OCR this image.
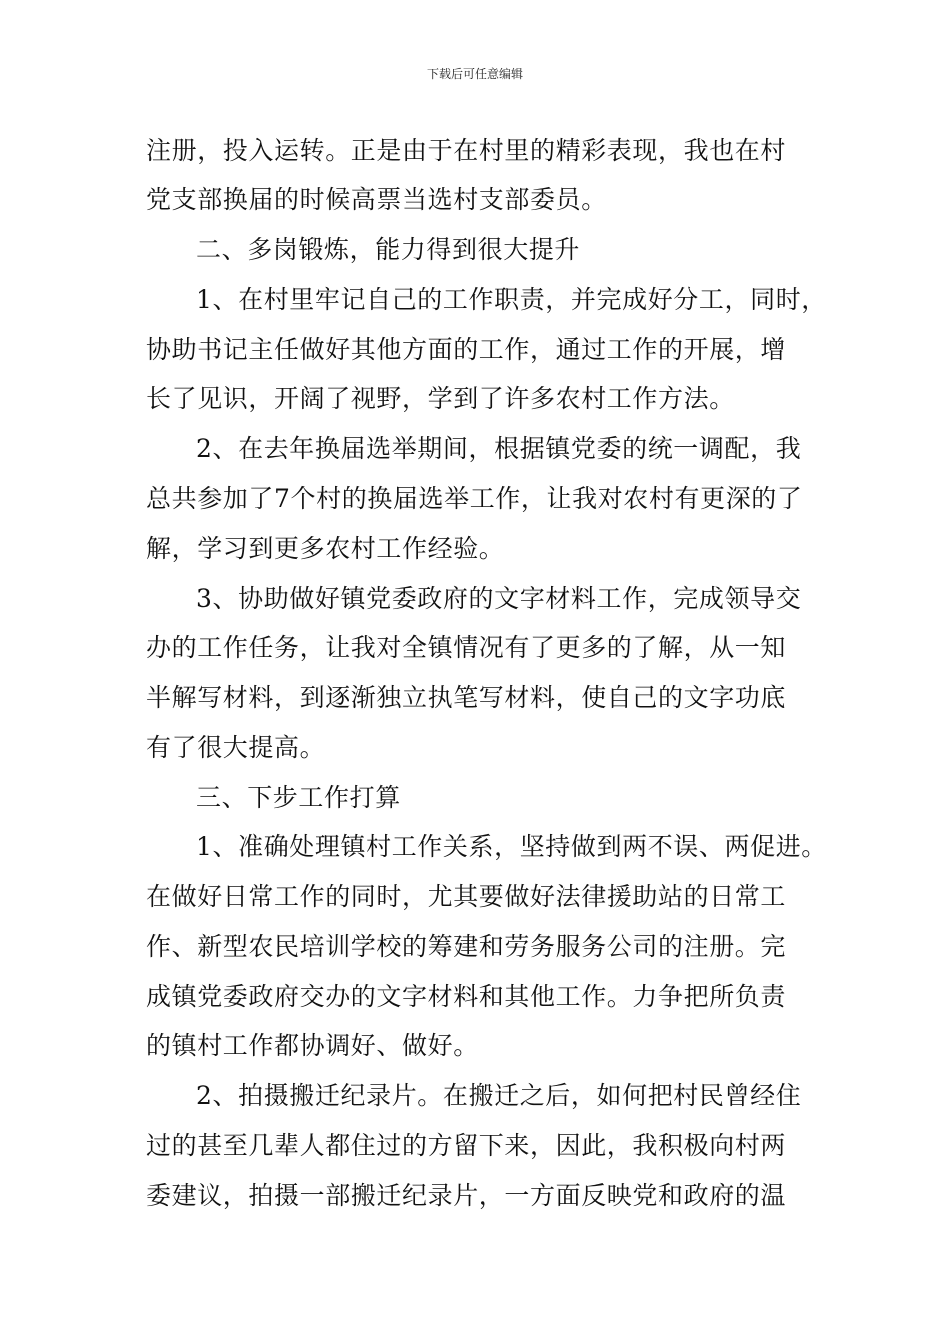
下载后可任意编辑
注册，投入运转。正是由于在村里的精彩表现，我也在村
党支部换届的时候高票当选村支部委员。
二、多岗锻炼，能力得到很大提升
1、在村里牢记自己的工作职责，并完成好分工，同时，
协助书记主任做好其他方面的工作，通过工作的开展，增
长了见识，开阔了视野，学到了许多农村工作方法。
2、在去年换届选举期间，根据镇党委的统一调配，我
总共参加了7个村的换届选举工作，让我对农村有更深的了
解，学习到更多农村工作经验。
3、协助做好镇党委政府的文字材料工作，完成领导交
办的工作任务，让我对全镇情况有了更多的了解，从一知
半解写材料，到逐渐独立执笔写材料，使自己的文字功底
有了很大提高。
三、下步工作打算
1、准确处理镇村工作关系，坚持做到两不误、两促进。
在做好日常工作的同时，尤其要做好法律援助站的日常工
作、新型农民培训学校的筹建和劳务服务公司的注册。完
成镇党委政府交办的文字材料和其他工作。力争把所负责
的镇村工作都协调好、做好。
2、拍摄搬迁纪录片。在搬迁之后，如何把村民曾经住
过的甚至几辈人都住过的方留下来，因此，我积极向村两
委建议，拍摄一部搬迁纪录片，一方面反映党和政府的温
